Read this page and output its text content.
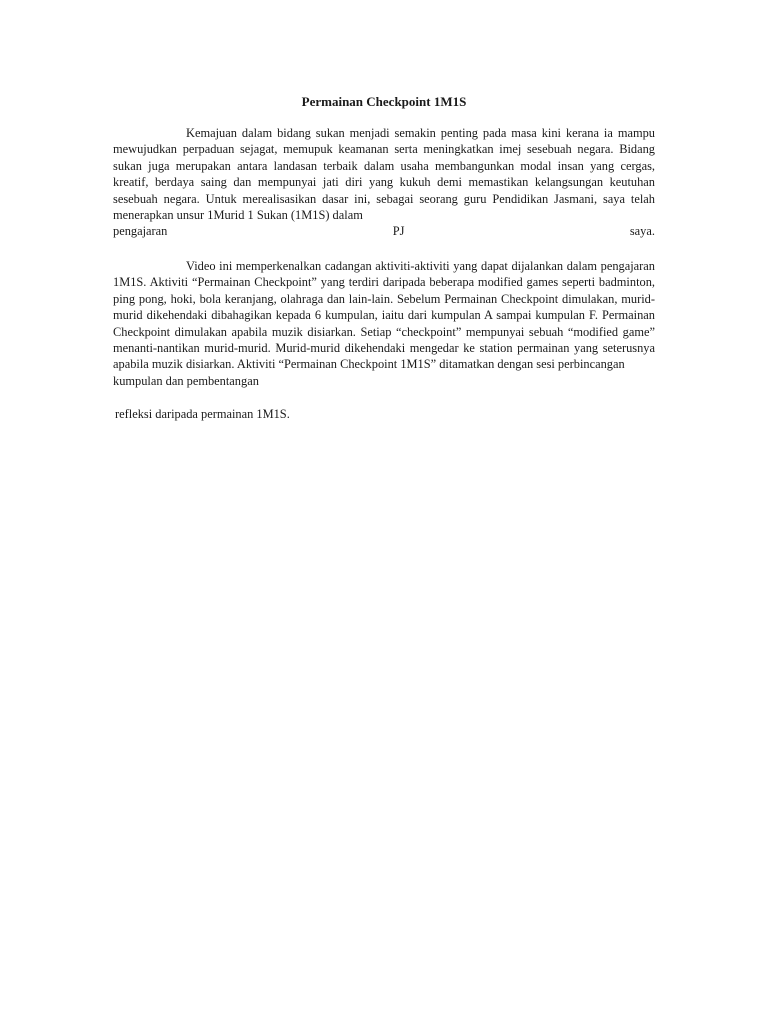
Permainan Checkpoint 1M1S
Kemajuan dalam bidang sukan menjadi semakin penting pada masa kini kerana ia mampu mewujudkan perpaduan sejagat, memupuk keamanan serta meningkatkan imej sesebuah negara. Bidang sukan juga merupakan antara landasan terbaik dalam usaha membangunkan modal insan yang cergas, kreatif, berdaya saing dan mempunyai jati diri yang kukuh demi memastikan kelangsungan keutuhan sesebuah negara. Untuk merealisasikan dasar ini, sebagai seorang guru Pendidikan Jasmani, saya telah menerapkan unsur 1Murid 1 Sukan (1M1S) dalam
pengajaran	PJ	saya.
Video ini memperkenalkan cadangan aktiviti-aktiviti yang dapat dijalankan dalam pengajaran 1M1S. Aktiviti “Permainan Checkpoint” yang terdiri daripada beberapa modified games seperti badminton, ping pong, hoki, bola keranjang, olahraga dan lain-lain. Sebelum Permainan Checkpoint dimulakan, murid-murid dikehendaki dibahagikan kepada 6 kumpulan, iaitu dari kumpulan A sampai kumpulan F. Permainan Checkpoint dimulakan apabila muzik disiarkan. Setiap “checkpoint” mempunyai sebuah “modified game” menanti-nantikan murid-murid. Murid-murid dikehendaki mengedar ke station permainan yang seterusnya apabila muzik disiarkan. Aktiviti “Permainan Checkpoint 1M1S” ditamatkan dengan sesi perbincangan
kumpulan dan pembentangan
refleksi daripada permainan 1M1S.
